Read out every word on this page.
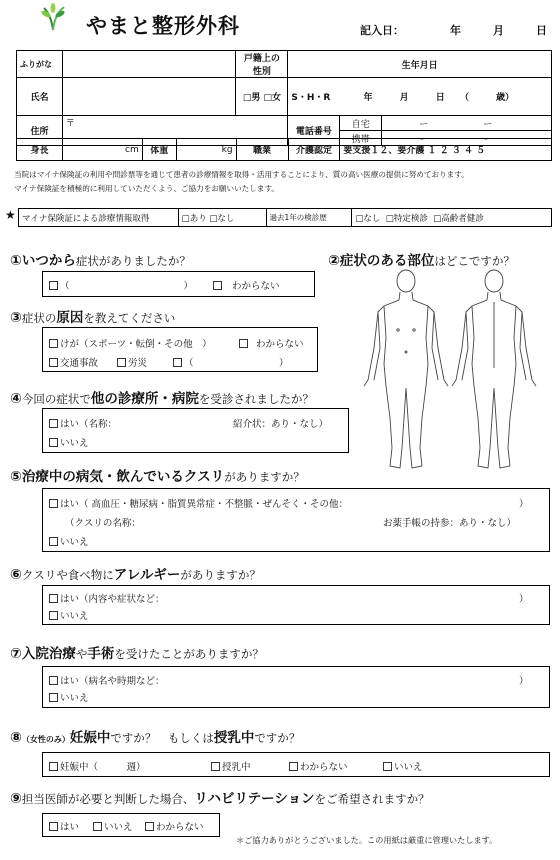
やまと整形外科	記入日：	年	月	日
ふりがな		戸籍上の性別	生年月日		
氏名		□男 □女	S・H・R 年 月 日 （　　　歳）		
住所	〒		電話番号	自宅	ー ー
				携帯	ー ー
身長	cm	体重	kg	職業	介護認定	要支援１２、要介護 １ ２ ３ ４ ５
当院はマイナ保険証の利用や問診票等を通じて患者の診療情報を取得・活用することにより、質の高い医療の提供に努めております。
マイナ保険証を積極的に利用していただくよう、ご協力をお願いいたします。
★ マイナ保険証による診療情報取得	□あり □なし	過去1年の検診歴	□なし □特定検診 □高齢者健診
①いつから症状がありましたか？
（　　　　　　　　　　　　）	わからない
②症状のある部位はどこですか？
③症状の原因を教えてください
けが（スポーツ・転倒・その他　）	わからない
交通事故	労災	（　　　　　　　　　）
④今回の症状で他の診療所・病院を受診されましたか？
はい（名称：	紹介状：あり・なし）
いいえ
⑤治療中の病気・飲んでいるクスリがありますか？
はい（ 高血圧・糖尿病・脂質異常症・不整脈・ぜんそく・その他：	）
（クスリの名称：	お薬手帳の持参：あり・なし）
いいえ
⑥クスリや食べ物にアレルギーがありますか？
はい（内容や症状など：	）
いいえ
⑦入院治療や手術を受けたことがありますか？
はい（病名や時期など：	）
いいえ
⑧（女性のみ）妊娠中ですか？　もしくは授乳中ですか？
妊娠中（　　　週）	授乳中	わからない	いいえ
⑨担当医師が必要と判断した場合、リハビリテーションをご希望されますか？
はい	いいえ	わからない
＊ご協力ありがとうございました。この用紙は厳重に管理いたします。
